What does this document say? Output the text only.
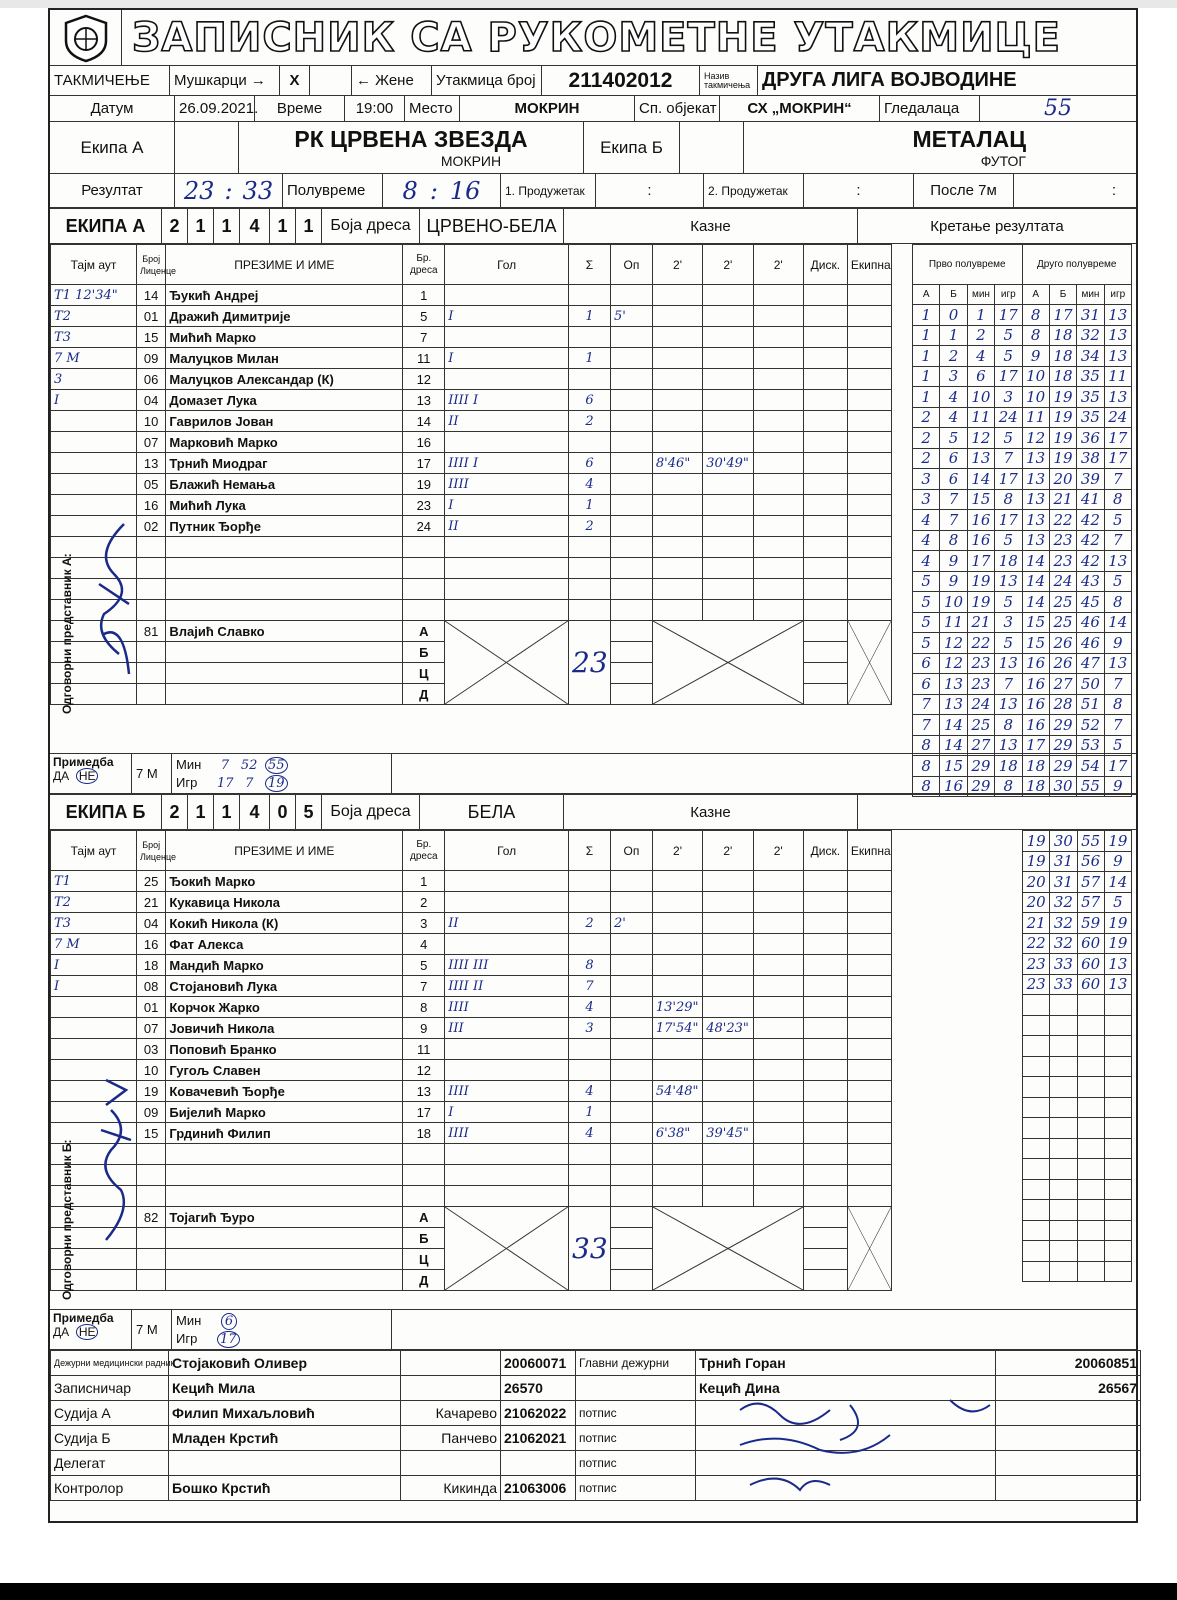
ЗАПИСНИК СА РУКОМЕТНЕ УТАКМИЦЕ
ТАКМИЧЕЊЕ	Мушкарци →	X	← Жене	Утакмица број	211402012	Назив такмичења ДРУГА ЛИГА ВОЈВОДИНЕ
Датум	26.09.2021.	Време	19:00	Место	МОКРИН	Сп. објекат	СХ „МОКРИН“	Гледалаца	55
Екипа А	РК ЦРВЕНА ЗВЕЗДА
МОКРИН
Екипа Б	МЕТАЛАЦ
ФУТОГ
Резултат	23 : 33 Полувреме	8 : 16	1. Продужетак	:	2. Продужетак	:	После 7м	:
ЕКИПА А	2 1 1 4 1 1	Боја дреса ЦРВЕНО-БЕЛА	Казне	Кретање резултата
Тајм аут	Број Лиценце	ПРЕЗИМЕ И ИМЕ	Бр. дреса	Гол	Σ	Оп	2'	2'	2'	Диск.	Екипна
T1 12'34"	14	Ђукић Андреј	1								
T2	01	Дражић Димитрије	5	I	1	5'					
T3	15	Мићић Марко	7								
7 M	09	Малуцков Милан	11	I	1						
3	06	Малуцков Александар (К)	12								
I	04	Домазет Лука	13	IIII I	6						
	10	Гаврилов Јован	14	II	2						
	07	Марковић Марко	16								
	13	Трнић Миодраг	17	IIII I	6		8'46"	30'49"			
	05	Блажић Немања	19	IIII	4						
	16	Мићић Лука	23	I	1						
	02	Путник Ђорђе	24	II	2						

	81	Влајић Славко	А		23		

			Б								
			Ц								
			Д								
Одговорни представник А:
Прво полувреме				Друго полувреме			
А	Б	мин	игр	А	Б	мин	игр
1	0	1	17	8	17	31	13
1	1	2	5	8	18	32	13
1	2	4	5	9	18	34	13
1	3	6	17	10	18	35	11
1	4	10	3	10	19	35	13
2	4	11	24	11	19	35	24
2	5	12	5	12	19	36	17
2	6	13	7	13	19	38	17
3	6	14	17	13	20	39	7
3	7	15	8	13	21	41	8
4	7	16	17	13	22	42	5
4	8	16	5	13	23	42	7
4	9	17	18	14	23	42	13
5	9	19	13	14	24	43	5
5	10	19	5	14	25	45	8
5	11	21	3	15	25	46	14
5	12	22	5	15	26	46	9
6	12	23	13	16	26	47	13
6	13	23	7	16	27	50	7
7	13	24	13	16	28	51	8
7	14	25	8	16	29	52	7
8	14	27	13	17	29	53	5
8	15	29	18	18	29	54	17
8	16	29	8	18	30	55	9
Примедба
ДА НЕ	7 М
Мин 7 52 55
Игр 17 7 19
ЕКИПА Б	2 1 1 4 0 5	Боја дреса	БЕЛА	Казне
Тајм аут	Број Лиценце	ПРЕЗИМЕ И ИМЕ	Бр. дреса	Гол	Σ	Оп	2'	2'	2'	Диск.	Екипна
T1	25	Ђокић Марко	1								
T2	21	Кукавица Никола	2								
T3	04	Кокић Никола (К)	3	II	2	2'					
7 M	16	Фат Алекса	4								
I	18	Мандић Марко	5	IIII III	8						
I	08	Стојановић Лука	7	IIII II	7						
	01	Корчок Жарко	8	IIII	4		13'29"				
	07	Јовичић Никола	9	III	3		17'54"	48'23"			
	03	Поповић Бранко	11								
	10	Гугољ Славен	12								
	19	Ковачевић Ђорђе	13	IIII	4		54'48"				
	09	Бијелић Марко	17	I	1						
	15	Грдинић Филип	18	IIII	4		6'38"	39'45"			

	82	Тојагић Ђуро	А		33		

			Б								
			Ц								
			Д								
Одговорни представник Б:
19	30	55	19
19	31	56	9
20	31	57	14
20	32	57	5
21	32	59	19
22	32	60	19
23	33	60	13
23	33	60	13

Примедба
ДА НЕ	7 М
Мин 6
Игр 17
Дежурни медицински радник	Стојаковић Оливер		20060071	Главни дежурни	Трнић Горан	20060851
Записничар	Кецић Мила		26570		Кецић Дина	26567
Судија А	Филип Михаљловић	Качарево	21062022	потпис		
Судија Б	Младен Крстић	Панчево	21062021	потпис		
Делегат				потпис		
Контролор	Бошко Крстић	Кикинда	21063006	потпис		
